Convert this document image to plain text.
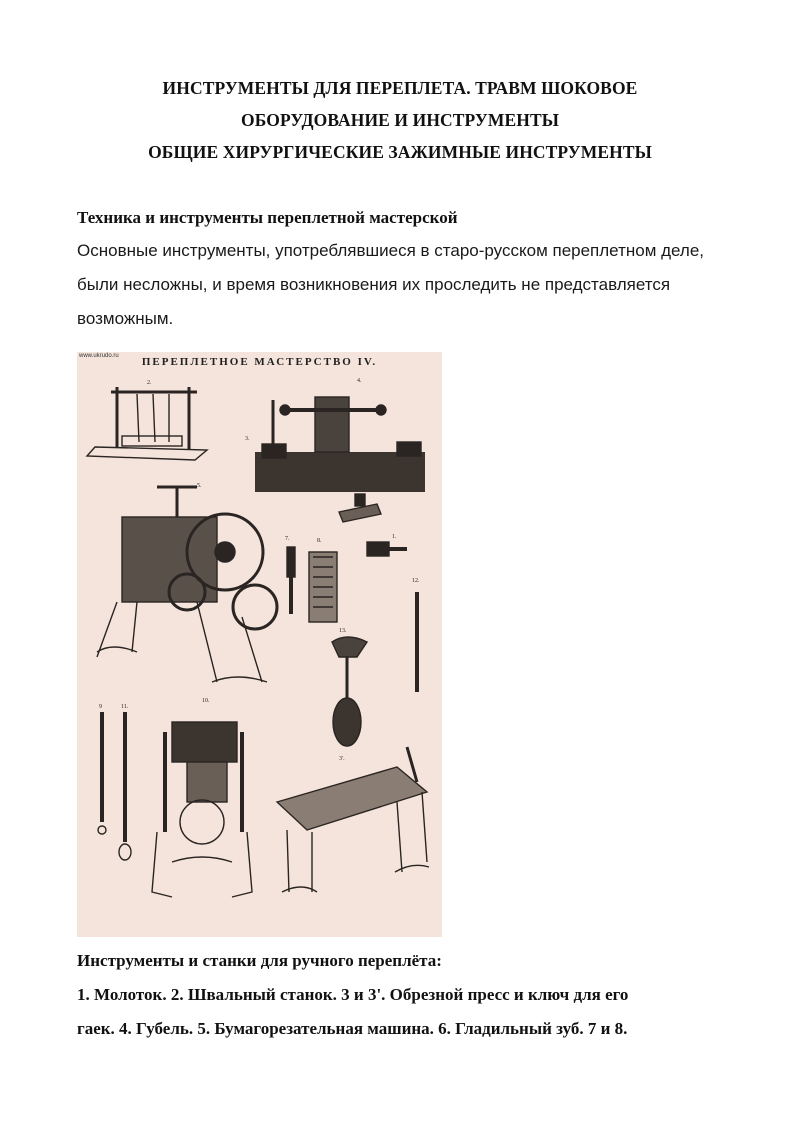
ИНСТРУМЕНТЫ ДЛЯ ПЕРЕПЛЕТА. ТРАВМ ШОКОВОЕ
ОБОРУДОВАНИЕ И ИНСТРУМЕНТЫ
ОБЩИЕ ХИРУРГИЧЕСКИЕ ЗАЖИМНЫЕ ИНСТРУМЕНТЫ
Техника и инструменты переплетной мастерской
Основные инструменты, употреблявшиеся в старо-русском переплетном деле, были несложны, и время возникновения их проследить не представляется возможным.
2.	4.
3.
5.
6.
7.	8.
1.
12.
13.
10.
9	11.
3'.
www.ukrudo.ru	ПЕРЕПЛЕТНОЕ МАСТЕРСТВО IV.

Инструменты и станки для ручного переплёта:

1. Молоток. 2. Швальный станок. 3 и 3'. Обрезной пресс и ключ для его

гаек. 4. Губель. 5. Бумагорезательная машина. 6. Гладильный зуб. 7 и 8.
